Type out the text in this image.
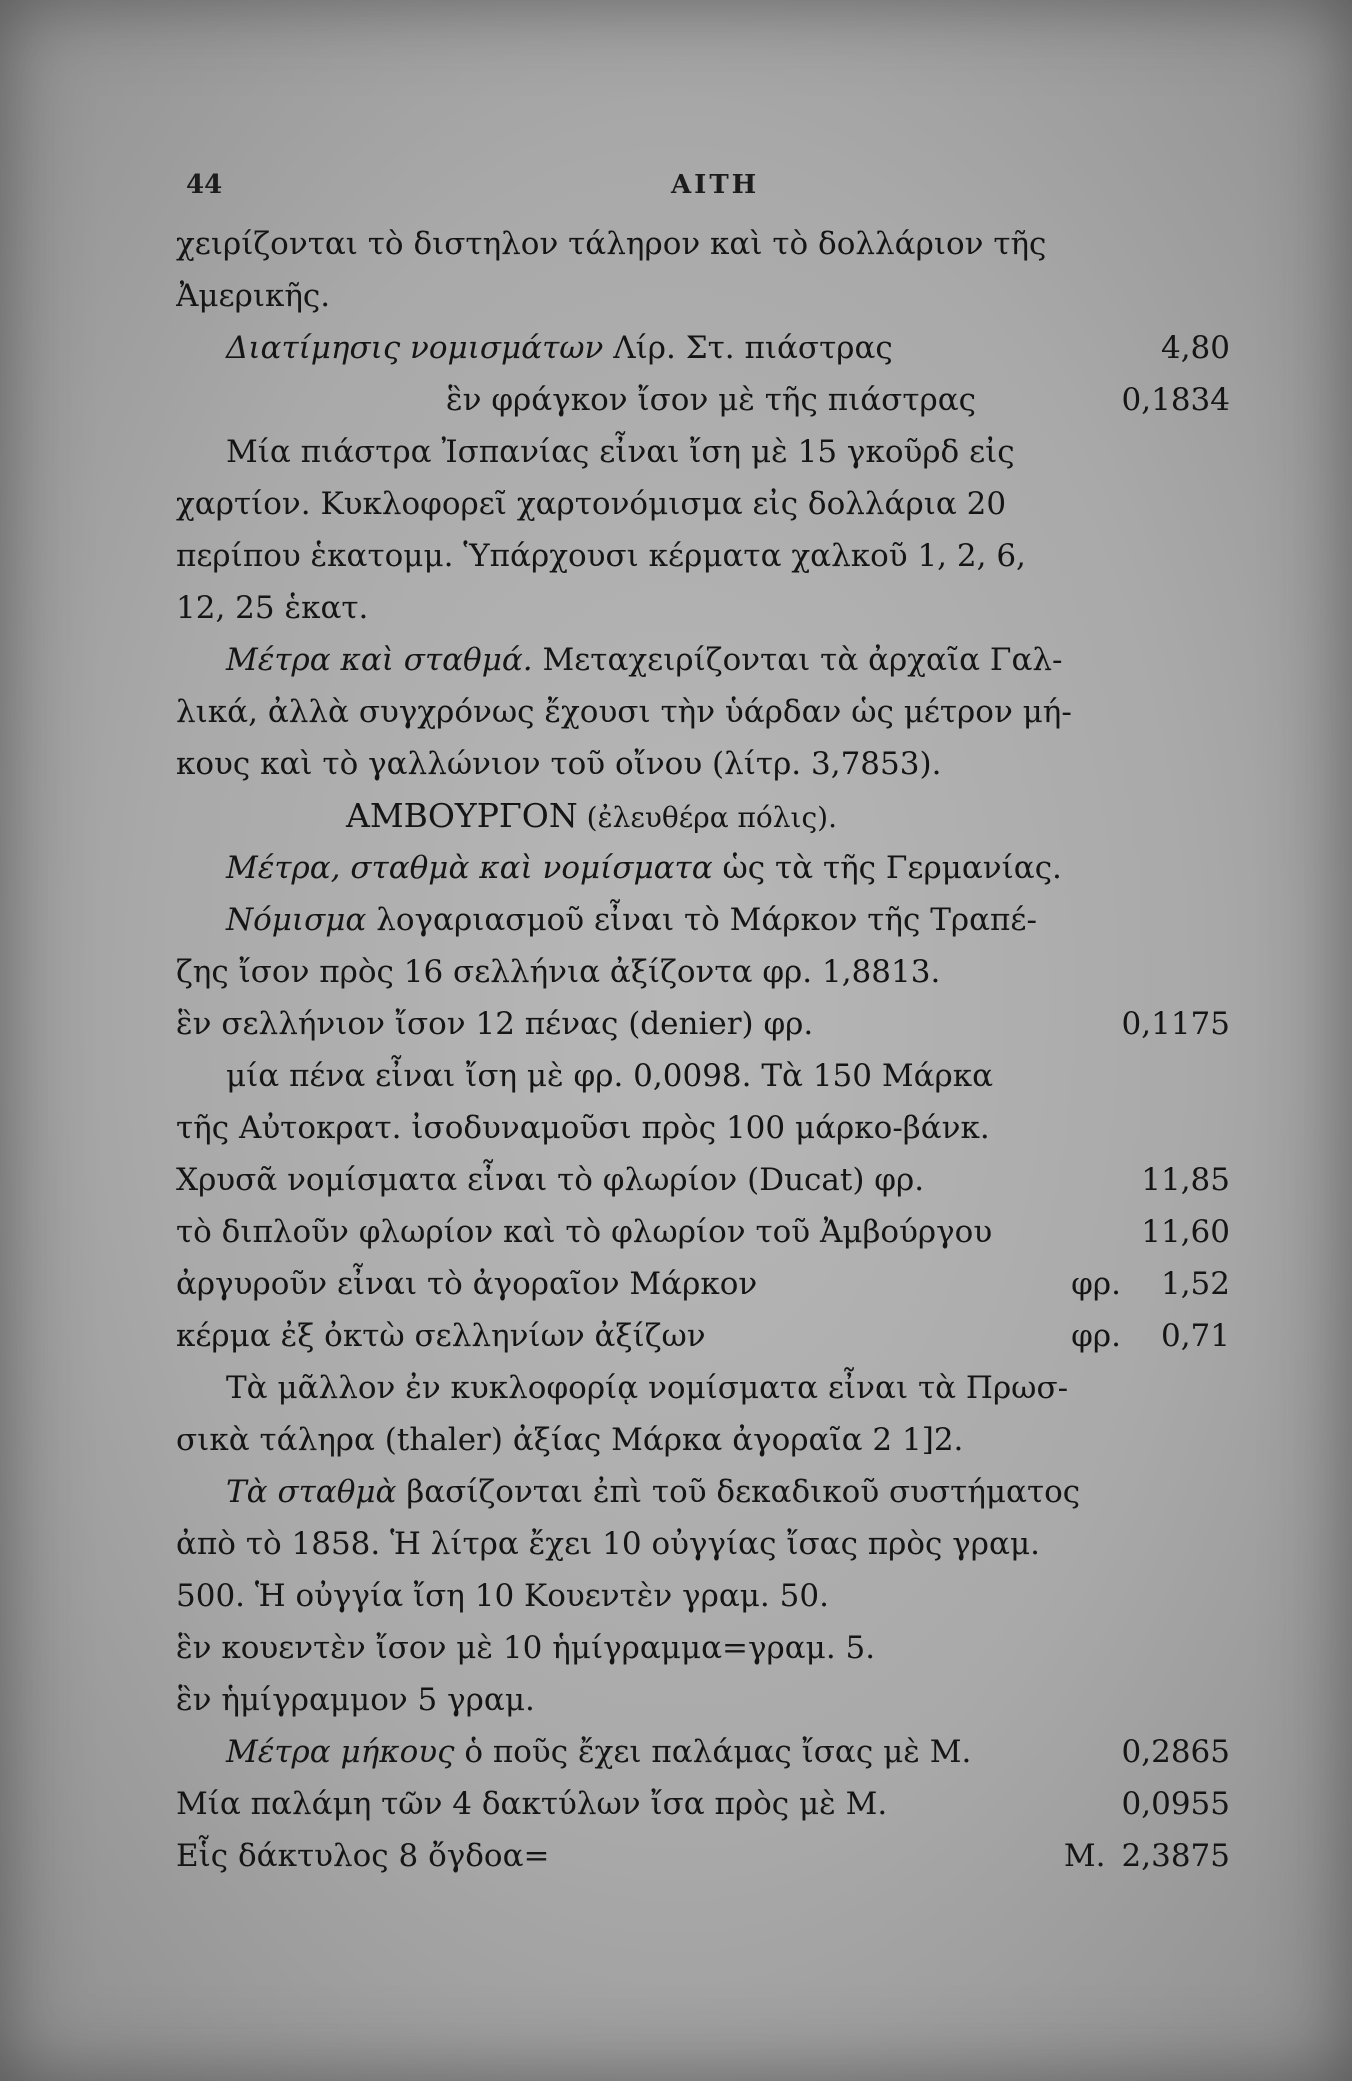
44	ΑΙΤΗ
χειρίζονται τὸ διστηλον τάληρον καὶ τὸ δολλάριον τῆς
Ἀμερικῆς.
Διατίμησις νομισμάτων Λίρ. Στ. πιάστρας	4,80
ἓν φράγκον ἴσον μὲ τῆς πιάστρας	0,1834
Μία πιάστρα Ἰσπανίας εἶναι ἴση μὲ 15 γκοῦρδ εἰς
χαρτίον. Κυκλοφορεῖ χαρτονόμισμα εἰς δολλάρια 20
περίπου ἑκατομμ. Ὑπάρχουσι κέρματα χαλκοῦ 1, 2, 6,
12, 25 ἑκατ.
Μέτρα καὶ σταθμά. Μεταχειρίζονται τὰ ἀρχαῖα Γαλ-
λικά, ἀλλὰ συγχρόνως ἔχουσι τὴν ὑάρδαν ὡς μέτρον μή-
κους καὶ τὸ γαλλώνιον τοῦ οἴνου (λίτρ. 3,7853).
ΑΜΒΟΥΡΓΟΝ (ἐλευθέρα πόλις).
Μέτρα, σταθμὰ καὶ νομίσματα ὡς τὰ τῆς Γερμανίας.
Νόμισμα λογαριασμοῦ εἶναι τὸ Μάρκον τῆς Τραπέ-
ζης ἴσον πρὸς 16 σελλήνια ἀξίζοντα φρ. 1,8813.
ἓν σελλήνιον ἴσον 12 πένας (denier) φρ.	0,1175
μία πένα εἶναι ἴση μὲ φρ. 0,0098. Τὰ 150 Μάρκα
τῆς Αὐτοκρατ. ἰσοδυναμοῦσι πρὸς 100 μάρκο-βάνκ.
Χρυσᾶ νομίσματα εἶναι τὸ φλωρίον (Ducat) φρ.	11,85
τὸ διπλοῦν φλωρίον καὶ τὸ φλωρίον τοῦ Ἀμβούργου	11,60
ἀργυροῦν εἶναι τὸ ἀγοραῖον Μάρκον	φρ. 1,52
κέρμα ἐξ ὀκτὼ σελληνίων ἀξίζων	φρ. 0,71
Τὰ μᾶλλον ἐν κυκλοφορίᾳ νομίσματα εἶναι τὰ Πρωσ-
σικὰ τάληρα (thaler) ἀξίας Μάρκα ἀγοραῖα 2 1]2.
Τὰ σταθμὰ βασίζονται ἐπὶ τοῦ δεκαδικοῦ συστήματος
ἀπὸ τὸ 1858. Ἡ λίτρα ἔχει 10 οὐγγίας ἴσας πρὸς γραμ.
500. Ἡ οὐγγία ἴση 10 Κουεντὲν γραμ. 50.
ἓν κουεντὲν ἴσον μὲ 10 ἡμίγραμμα=γραμ. 5.
ἓν ἡμίγραμμον 5 γραμ.
Μέτρα μήκους ὁ ποῦς ἔχει παλάμας ἴσας μὲ Μ.	0,2865
Μία παλάμη τῶν 4 δακτύλων ἴσα πρὸς μὲ Μ.	0,0955
Εἷς δάκτυλος 8 ὄγδοα=	Μ. 2,3875
